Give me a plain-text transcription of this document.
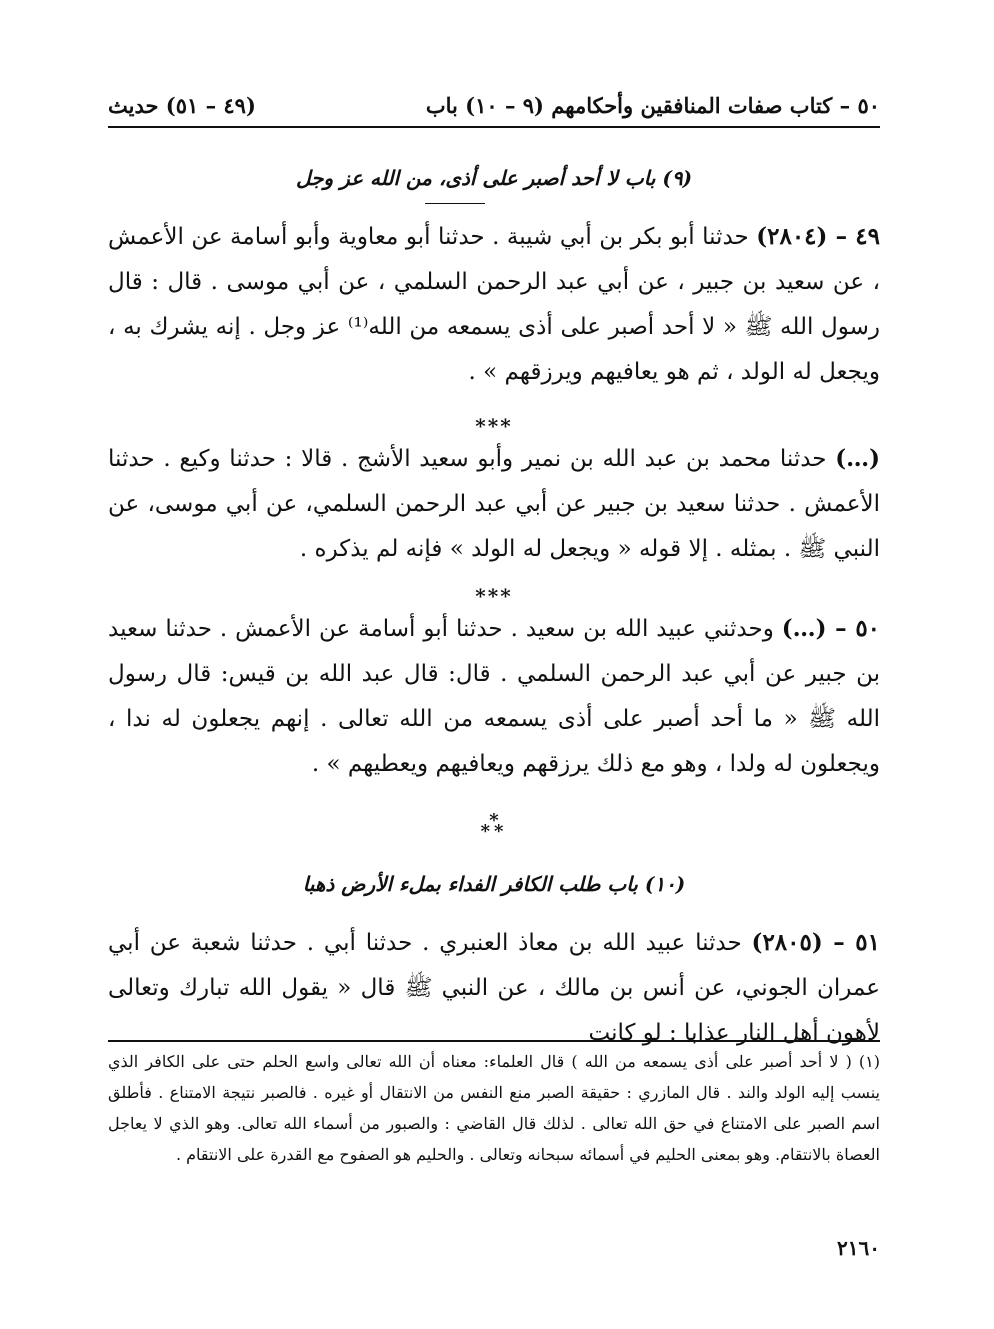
٥٠ – كتاب صفات المنافقين وأحكامهم (٩ – ١٠) باب
(٤٩ – ٥١) حديث
(٩) باب لا أحد أصبر على أذى، من الله عز وجل
٤٩ – (٢٨٠٤) حدثنا أبو بكر بن أبي شيبة . حدثنا أبو معاوية وأبو أسامة عن الأعمش ، عن سعيد بن جبير ، عن أبي عبد الرحمن السلمي ، عن أبي موسى . قال : قال رسول الله ﷺ « لا أحد أصبر على أذى يسمعه من الله⁽¹⁾ عز وجل . إنه يشرك به ، ويجعل له الولد ، ثم هو يعافيهم ويرزقهم » .
***
(…) حدثنا محمد بن عبد الله بن نمير وأبو سعيد الأشج . قالا : حدثنا وكيع . حدثنا الأعمش . حدثنا سعيد بن جبير عن أبي عبد الرحمن السلمي، عن أبي موسى، عن النبي ﷺ . بمثله . إلا قوله « ويجعل له الولد » فإنه لم يذكره .
***
٥٠ – (…) وحدثني عبيد الله بن سعيد . حدثنا أبو أسامة عن الأعمش . حدثنا سعيد بن جبير عن أبي عبد الرحمن السلمي . قال: قال عبد الله بن قيس: قال رسول الله ﷺ « ما أحد أصبر على أذى يسمعه من الله تعالى . إنهم يجعلون له ندا ، ويجعلون له ولدا ، وهو مع ذلك يرزقهم ويعافيهم ويعطيهم » .
*
**
(١٠) باب طلب الكافر الفداء بملء الأرض ذهبا
٥١ – (٢٨٠٥) حدثنا عبيد الله بن معاذ العنبري . حدثنا أبي . حدثنا شعبة عن أبي عمران الجوني، عن أنس بن مالك ، عن النبي ﷺ قال « يقول الله تبارك وتعالى لأهون أهل النار عذابا : لو كانت
(١) ( لا أحد أصبر على أذى يسمعه من الله ) قال العلماء: معناه أن الله تعالى واسع الحلم حتى على الكافر الذي ينسب إليه الولد والند . قال المازري : حقيقة الصبر منع النفس من الانتقال أو غيره . فالصبر نتيجة الامتناع . فأطلق اسم الصبر على الامتناع في حق الله تعالى . لذلك قال القاضي : والصبور من أسماء الله تعالى. وهو الذي لا يعاجل العصاة بالانتقام. وهو بمعنى الحليم في أسمائه سبحانه وتعالى . والحليم هو الصفوح مع القدرة على الانتقام .
٢١٦٠
